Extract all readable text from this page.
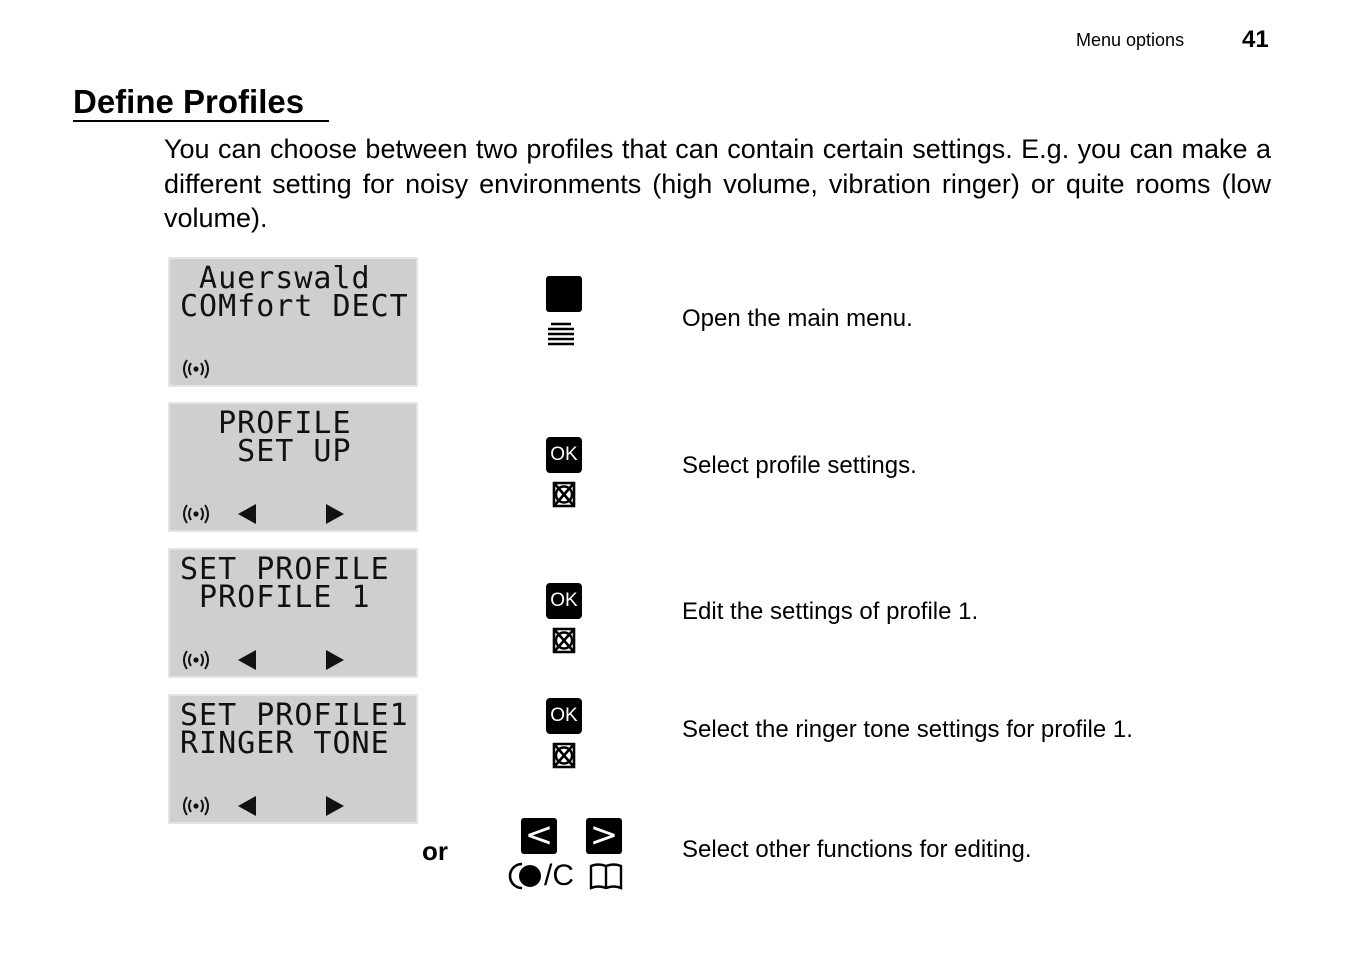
Menu options 41
Define Profiles

You can choose between two profiles that can contain certain settings. E.g. you can make a different setting for noisy environments (high volume, vibration ringer) or quite rooms (low volume).

Auerswald
COMfort DECT
PROFILE
SET UP
SET PROFILE
PROFILE 1
SET PROFILE1
RINGER TONE
OK
OK
OK
Open the main menu.
Select profile settings.
Edit the settings of profile 1.
Select the ringer tone settings for profile 1.
or < >
/C
Select other functions for editing.
